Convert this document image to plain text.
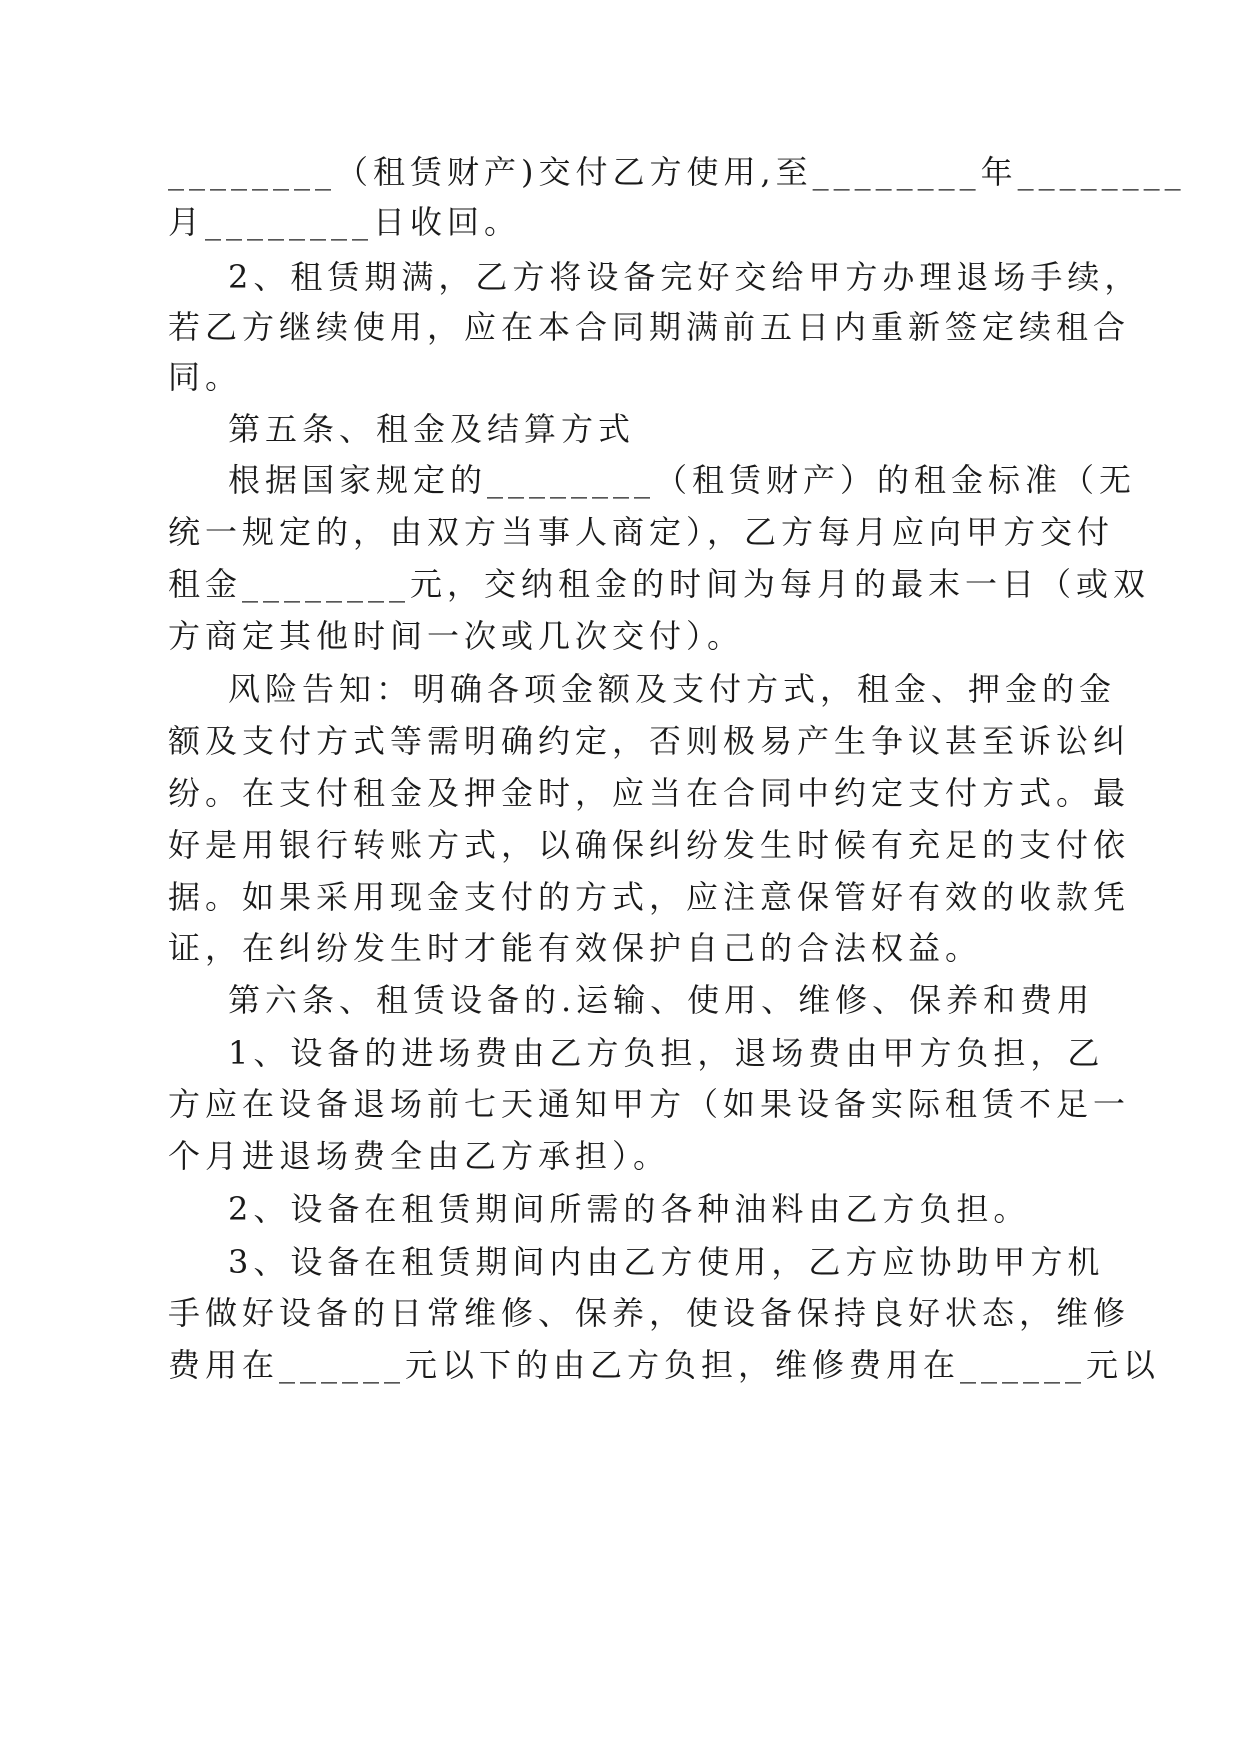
________（租赁财产)交付乙方使用,至________年________
月________日收回。
2、租赁期满，乙方将设备完好交给甲方办理退场手续，
若乙方继续使用，应在本合同期满前五日内重新签定续租合
同。
第五条、租金及结算方式
根据国家规定的________（租赁财产）的租金标准（无
统一规定的，由双方当事人商定），乙方每月应向甲方交付
租金________元，交纳租金的时间为每月的最末一日（或双
方商定其他时间一次或几次交付）。
风险告知：明确各项金额及支付方式，租金、押金的金
额及支付方式等需明确约定，否则极易产生争议甚至诉讼纠
纷。在支付租金及押金时，应当在合同中约定支付方式。最
好是用银行转账方式，以确保纠纷发生时候有充足的支付依
据。如果采用现金支付的方式，应注意保管好有效的收款凭
证，在纠纷发生时才能有效保护自己的合法权益。
第六条、租赁设备的.运输、使用、维修、保养和费用
1、设备的进场费由乙方负担，退场费由甲方负担，乙
方应在设备退场前七天通知甲方（如果设备实际租赁不足一
个月进退场费全由乙方承担）。
2、设备在租赁期间所需的各种油料由乙方负担。
3、设备在租赁期间内由乙方使用，乙方应协助甲方机
手做好设备的日常维修、保养，使设备保持良好状态，维修
费用在______元以下的由乙方负担，维修费用在______元以
